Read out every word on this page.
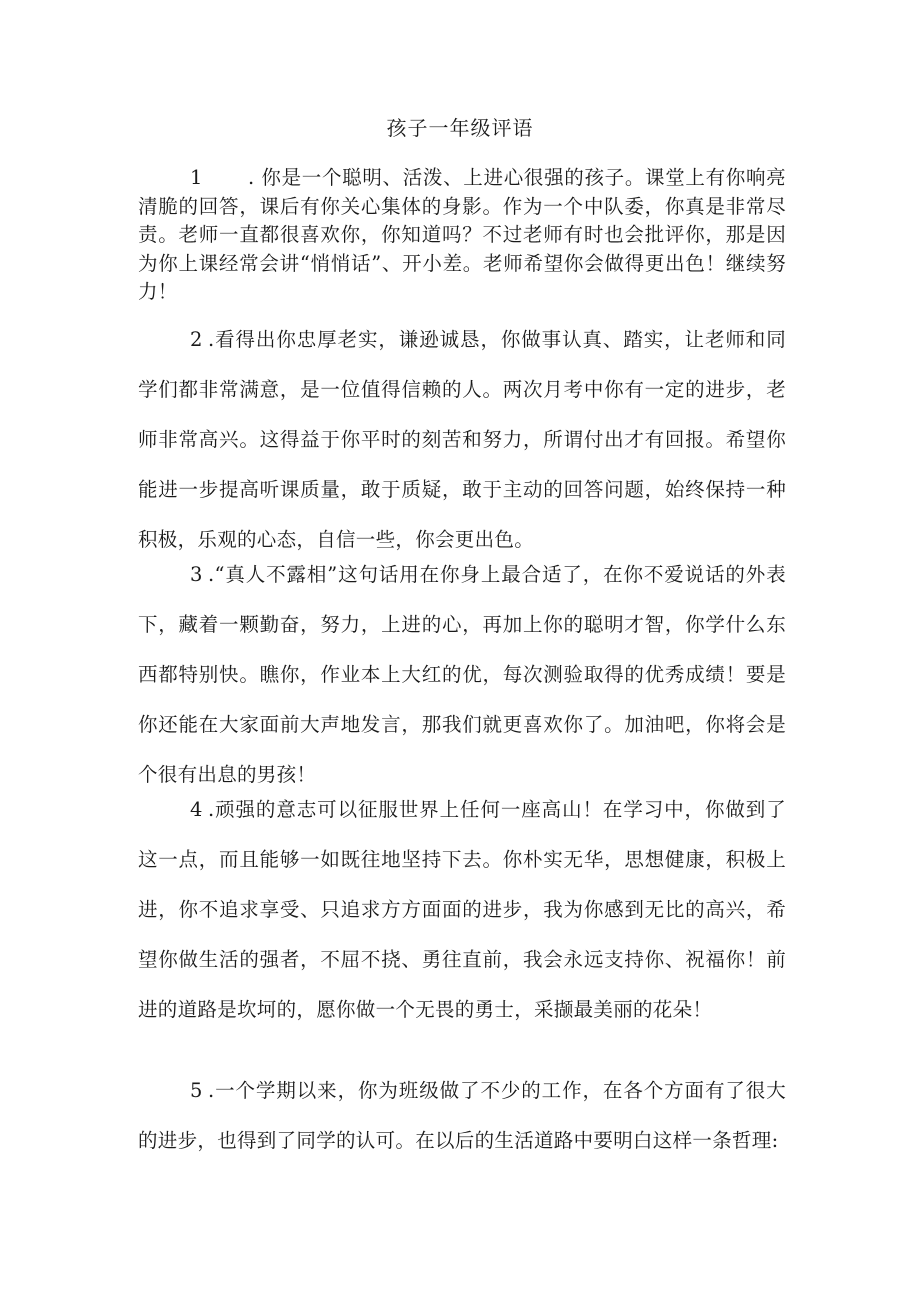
孩子一年级评语

1 . 你是一个聪明、活泼、上进心很强的孩子。课堂上有你响亮清脆的回答，课后有你关心集体的身影。作为一个中队委，你真是非常尽责。老师一直都很喜欢你，你知道吗？不过老师有时也会批评你，那是因为你上课经常会讲“悄悄话”、开小差。老师希望你会做得更出色！继续努力！

2 .看得出你忠厚老实，谦逊诚恳，你做事认真、踏实，让老师和同学们都非常满意，是一位值得信赖的人。两次月考中你有一定的进步，老师非常高兴。这得益于你平时的刻苦和努力，所谓付出才有回报。希望你能进一步提高听课质量，敢于质疑，敢于主动的回答问题，始终保持一种积极，乐观的心态，自信一些，你会更出色。

3 .“真人不露相”这句话用在你身上最合适了，在你不爱说话的外表下，藏着一颗勤奋，努力，上进的心，再加上你的聪明才智，你学什么东西都特别快。瞧你，作业本上大红的优，每次测验取得的优秀成绩！要是你还能在大家面前大声地发言，那我们就更喜欢你了。加油吧，你将会是个很有出息的男孩！

4 .顽强的意志可以征服世界上任何一座高山！在学习中，你做到了这一点，而且能够一如既往地坚持下去。你朴实无华，思想健康，积极上进，你不追求享受、只追求方方面面的进步，我为你感到无比的高兴，希望你做生活的强者，不屈不挠、勇往直前，我会永远支持你、祝福你！前进的道路是坎坷的，愿你做一个无畏的勇士，采撷最美丽的花朵！

5 .一个学期以来，你为班级做了不少的工作，在各个方面有了很大的进步，也得到了同学的认可。在以后的生活道路中要明白这样一条哲理:
